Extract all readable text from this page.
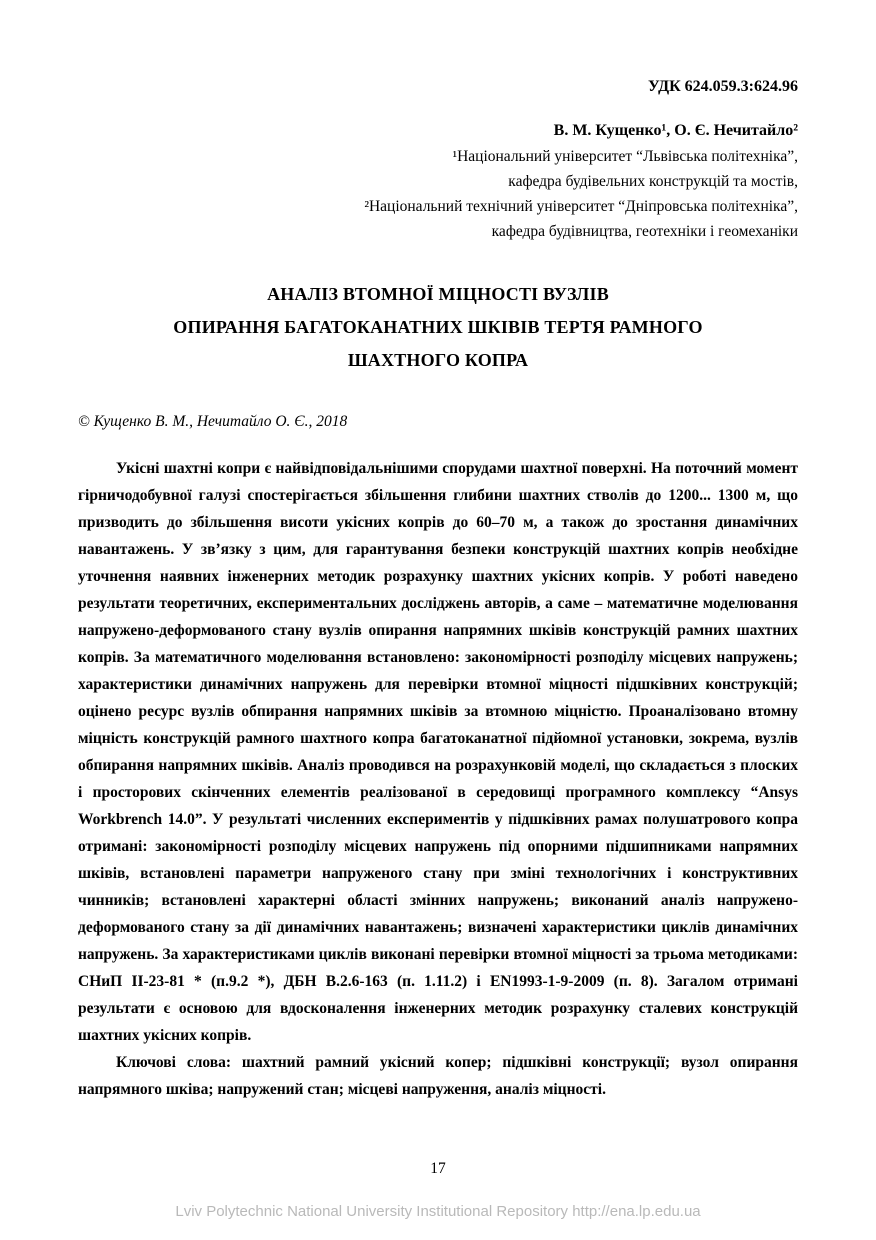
УДК 624.059.3:624.96
В. М. Кущенко¹, О. Є. Нечитайло²
¹Національний університет “Львівська політехніка”,
кафедра будівельних конструкцій та мостів,
²Національний технічний університет “Дніпровська політехніка”,
кафедра будівництва, геотехніки і геомеханіки
АНАЛІЗ ВТОМНОЇ МІЦНОСТІ ВУЗЛІВ
ОПИРАННЯ БАГАТОКАНАТНИХ ШКІВІВ ТЕРТЯ РАМНОГО
ШАХТНОГО КОПРА
© Кущенко В. М., Нечитайло О. Є., 2018

Укісні шахтні копри є найвідповідальнішими спорудами шахтної поверхні. На поточний момент гірничодобувної галузі спостерігається збільшення глибини шахтних стволів до 1200... 1300 м, що призводить до збільшення висоти укісних копрів до 60–70 м, а також до зростання динамічних навантажень. У зв’язку з цим, для гарантування безпеки конструкцій шахтних копрів необхідне уточнення наявних інженерних методик розрахунку шахтних укісних копрів. У роботі наведено результати теоретичних, експериментальних досліджень авторів, а саме – математичне моделювання напружено-деформованого стану вузлів опирання напрямних шківів конструкцій рамних шахтних копрів. За математичного моделювання встановлено: закономірності розподілу місцевих напружень; характеристики динамічних напружень для перевірки втомної міцності підшківних конструкцій; оцінено ресурс вузлів обпирання напрямних шківів за втомною міцністю. Проаналізовано втомну міцність конструкцій рамного шахтного копра багатоканатної підйомної установки, зокрема, вузлів обпирання напрямних шківів. Аналіз проводився на розрахунковій моделі, що складається з плоских і просторових скінченних елементів реалізованої в середовищі програмного комплексу “Ansys Workbrench 14.0”. У результаті численних експериментів у підшківних рамах полушатрового копра отримані: закономірності розподілу місцевих напружень під опорними підшипниками напрямних шківів, встановлені параметри напруженого стану при зміні технологічних і конструктивних чинників; встановлені характерні області змінних напружень; виконаний аналіз напружено-деформованого стану за дії динамічних навантажень; визначені характеристики циклів динамічних напружень. За характеристиками циклів виконані перевірки втомної міцності за трьома методиками: СНиП II-23-81 * (п.9.2 *), ДБН В.2.6-163 (п. 1.11.2) і EN1993-1-9-2009 (п. 8). Загалом отримані результати є основою для вдосконалення інженерних методик розрахунку сталевих конструкцій шахтних укісних копрів.

Ключові слова: шахтний рамний укісний копер; підшківні конструкції; вузол опирання напрямного шківа; напружений стан; місцеві напруження, аналіз міцності.

17
Lviv Polytechnic National University Institutional Repository http://ena.lp.edu.ua
